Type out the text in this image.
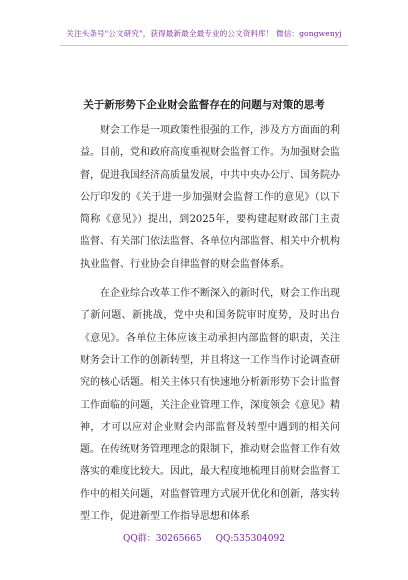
关注头条号"公文研究"，获得最新最全最专业的公文资料库！ 微信：gongwenyj
关于新形势下企业财会监督存在的问题与对策的思考

财会工作是一项政策性很强的工作，涉及方方面面的利益。目前，党和政府高度重视财会监督工作。为加强财会监督，促进我国经济高质量发展，中共中央办公厅、国务院办公厅印发的《关于进一步加强财会监督工作的意见》（以下简称《意见》）提出，到2025年，要构建起财政部门主责监督、有关部门依法监督、各单位内部监督、相关中介机构执业监督、行业协会自律监督的财会监督体系。

在企业综合改革工作不断深入的新时代，财会工作出现了新问题、新挑战，党中央和国务院审时度势，及时出台《意见》。各单位主体应该主动承担内部监督的职责，关注财务会计工作的创新转型，并且将这一工作当作讨论调查研究的核心话题。相关主体只有快速地分析新形势下会计监督工作面临的问题，关注企业管理工作，深度领会《意见》精神，才可以应对企业财会内部监督及转型中遇到的相关问题。在传统财务管理理念的限制下，推动财会监督工作有效落实的难度比较大。因此，最大程度地梳理目前财会监督工作中的相关问题，对监督管理方式展开优化和创新，落实转型工作，促进新型工作指导思想和体系

QQ群：30265665 QQ:535304092
